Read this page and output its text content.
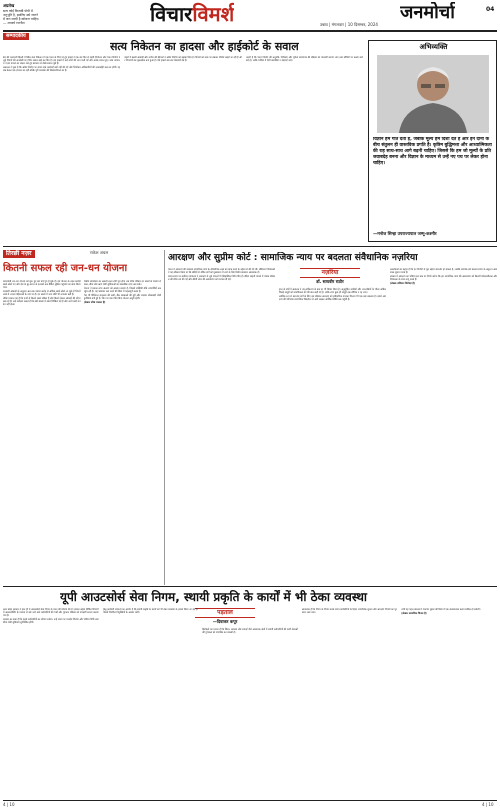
अग्रलेख
सत्य कोई किताबी पोथी में
अनुभूति है, इसलिए उसे जानने
में जरा जल्दी है खोजना चाहिए।
— आचार्य रजनीश	विचारविमर्श	उन्नाव | मंगलवार | 10 दिसम्बर, 2024
जनमोर्चा	04
सम्पादकीय
सत्य निकेतन का हादसा और हाईकोर्ट के सवाल

देश की राजधानी दिल्ली में स्थित सत्य निकेतन में एक भवन के गिरने से हुए हादसे ने एक बार फिर से शहरी नियोजन और भवन निर्माण से जुड़े नियमों की अनदेखी पर गंभीर सवाल खड़े कर दिए हैं। इस हादसे में कई लोगों की जान चली गई और अनेक घायल हुए। उच्च न्यायालय ने इस मामले का संज्ञान लेते हुए प्रशासन से तीखे सवाल पूछे हैं।

अदालत ने पूछा है कि अवैध निर्माण पर समय रहते कार्रवाई क्यों नहीं की गई और जिम्मेदार अधिकारियों की जवाबदेही कब तय होगी। यह प्रश्न केवल एक इमारत का नहीं बल्कि पूरी व्यवस्था की विश्वसनीयता का है।

शहरों में बढ़ती आबादी और जमीन की कीमतों ने अवैध निर्माण को बढ़ावा दिया है। नियमों को ताक पर रखकर मंजिलें बढ़ाई जा रही हैं और निगरानी तंत्र मूकदर्शक बना हुआ है। ऐसे हादसे बार-बार चेतावनी देते हैं।

जरूरी है कि भवन निर्माण की अनुमति, निरीक्षण और पूर्णता प्रमाणपत्र की प्रक्रिया को पारदर्शी बनाया जाए तथा दोषियों पर कठोर कार्रवाई हो, ताकि भविष्य में ऐसी त्रासदियां न दोहराई जाएं।

अभिव्यक्ति
विज्ञान हमें गति देता है, जबकि मूल्य हमें दिशा देते हैं और इन दोनों के बीच संतुलन ही वास्तविक प्रगति है। कृत्रिम बुद्धिमत्ता और आध्यात्मिकता की राह साथ-साथ आगे बढ़नी चाहिए। जिससे कि हम जो मूल्यों के प्रति जवाबदेह बनना और विज्ञान के माध्यम से उन्हें नए पथ पर लेकर होना चाहिए।
—मनोज सिन्हा उपराज्यपाल जम्मू-कश्मीर
तिरछी नज़र	राकेश अचल
कितनी सफल रही जन-धन योजना

प्रधानमंत्री जन-धन योजना को शुरू हुए दस वर्ष पूरे हो चुके हैं। इस योजना के तहत करोड़ों खाते खोले गए और देश के दूर-दराज के इलाकों तक बैंकिंग सुविधा पहुंचाने का दावा किया गया।

सरकारी आंकड़ों के अनुसार अब तक पचास करोड़ से अधिक खाते खोले जा चुके हैं जिनमें आधे से ज्यादा महिलाओं के नाम पर हैं। इन खातों में जमा राशि भी लगातार बढ़ी है।

लेकिन सवाल यह है कि इनमें से कितने खाते सक्रिय हैं और कितने केवल आंकड़ों की शोभा बढ़ा रहे हैं। कई सर्वेक्षण बताते हैं कि बड़ी संख्या में खाते निष्क्रिय पड़े हैं और उनमें कोई लेनदेन नहीं होता।

वित्तीय समावेशन का असली लक्ष्य तभी पूरा होगा जब गरीब परिवार इन खातों के माध्यम से बचत, बीमा और ऋण जैसी सुविधाओं का वास्तविक लाभ उठा सकें।

योजना ने प्रत्यक्ष लाभ अंतरण को आसान बनाया है, जिससे सब्सिडी सीधे लाभार्थियों तक पहुंच रही है। यह भ्रष्टाचार कम करने की दिशा में महत्वपूर्ण कदम है।

फिर भी डिजिटल साक्षरता की कमी, बैंक शाखाओं की दूरी और साइबर धोखाधड़ी जैसी चुनौतियां बनी हुई हैं, जिन पर ध्यान दिए बिना योजना अधूरी रहेगी।

(लेखक वरिष्ठ पत्रकार हैं)

आरक्षण और सुप्रीम कोर्ट : सामाजिक न्याय पर बदलता संवैधानिक नज़रिया
नज़रिया
डॉ. सत्यवीर राठौर

भारत में आरक्षण की व्यवस्था सामाजिक न्याय के संवैधानिक लक्ष्य को प्राप्त करने के उद्देश्य से की गई थी। संविधान निर्माताओं ने यह स्वीकार किया था कि सदियों से वंचित वर्गों को मुख्यधारा में लाने के लिए विशेष प्रावधान आवश्यक हैं।

समय-समय पर सर्वोच्च न्यायालय ने आरक्षण से जुड़े मामलों में ऐतिहासिक निर्णय दिए हैं। इंदिरा साहनी मामले में पचास प्रतिशत की सीमा तय की गई और क्रीमी लेयर की अवधारणा को मान्यता दी गई।

हाल के वर्षों में अदालत ने उप-वर्गीकरण के प्रश्न पर भी विचार किया है। अनुसूचित जातियों और जनजातियों के भीतर अधिक पिछड़े समूहों को प्राथमिकता देने की बात कही गई है, ताकि लाभ कुछ ही समूहों तक सीमित न रह जाए।

आर्थिक रूप से कमजोर वर्गों के लिए दस प्रतिशत आरक्षण को संवैधानिक मान्यता मिलना भी एक बड़ा बदलाव है। इससे आरक्षण की परिभाषा सामाजिक पिछड़ेपन से आगे बढ़कर आर्थिक स्थिति तक पहुंची है।

आलोचकों का कहना है कि इन निर्णयों से मूल उद्देश्य कमजोर हो सकता है, जबकि समर्थक इसे बदलते समय के अनुरूप आवश्यक सुधार मानते हैं।

वास्तव में आरक्षण का भविष्य इस बात पर निर्भर करेगा कि हम सामाजिक न्याय की अवधारणा को कितनी संवेदनशीलता और निष्पक्षता के साथ लागू करते हैं।

(लेखक संविधान विशेषज्ञ हैं)

यूपी आउटसोर्स सेवा निगम, स्थायी प्रकृति के कार्यों में भी ठेका व्यवस्था
पड़ताल
—दिवाकर कपूर

उत्तर प्रदेश सरकार ने हाल ही में आउटसोर्स सेवा निगम के गठन की घोषणा की है। इसका उद्देश्य विभिन्न विभागों में आउटसोर्सिंग के माध्यम से रखे जाने वाले कर्मचारियों की भर्ती और भुगतान प्रक्रिया को पारदर्शी बनाना बताया गया है।

सरकार का दावा है कि इससे कर्मचारियों का शोषण रुकेगा, उन्हें समय पर मानदेय मिलेगा और भविष्य निधि तथा बीमा जैसी सुविधाएं सुनिश्चित होंगी।

किंतु कर्मचारी संगठनों का आरोप है कि स्थायी प्रकृति के कार्यों को भी ठेका व्यवस्था के हवाले किया जा रहा है, जिससे नियमित नियुक्तियों के अवसर घटेंगे।

विशेषज्ञों का मानना है कि शिक्षा, स्वास्थ्य और सफाई जैसे आवश्यक क्षेत्रों में स्थायी कर्मचारियों की कमी सेवाओं की गुणवत्ता को प्रभावित कर सकती है।

आवश्यक है कि निगम के नियम बनाते समय कर्मचारियों के हितों, सामाजिक सुरक्षा और आरक्षण नियमों का पूरा ध्यान रखा जाए।

तभी यह पहल वास्तव में रोजगार सुधार की दिशा में एक सकारात्मक कदम साबित हो सकेगी।

(लेखक सामाजिक चिंतक हैं)

4 | 10	4 | 10
